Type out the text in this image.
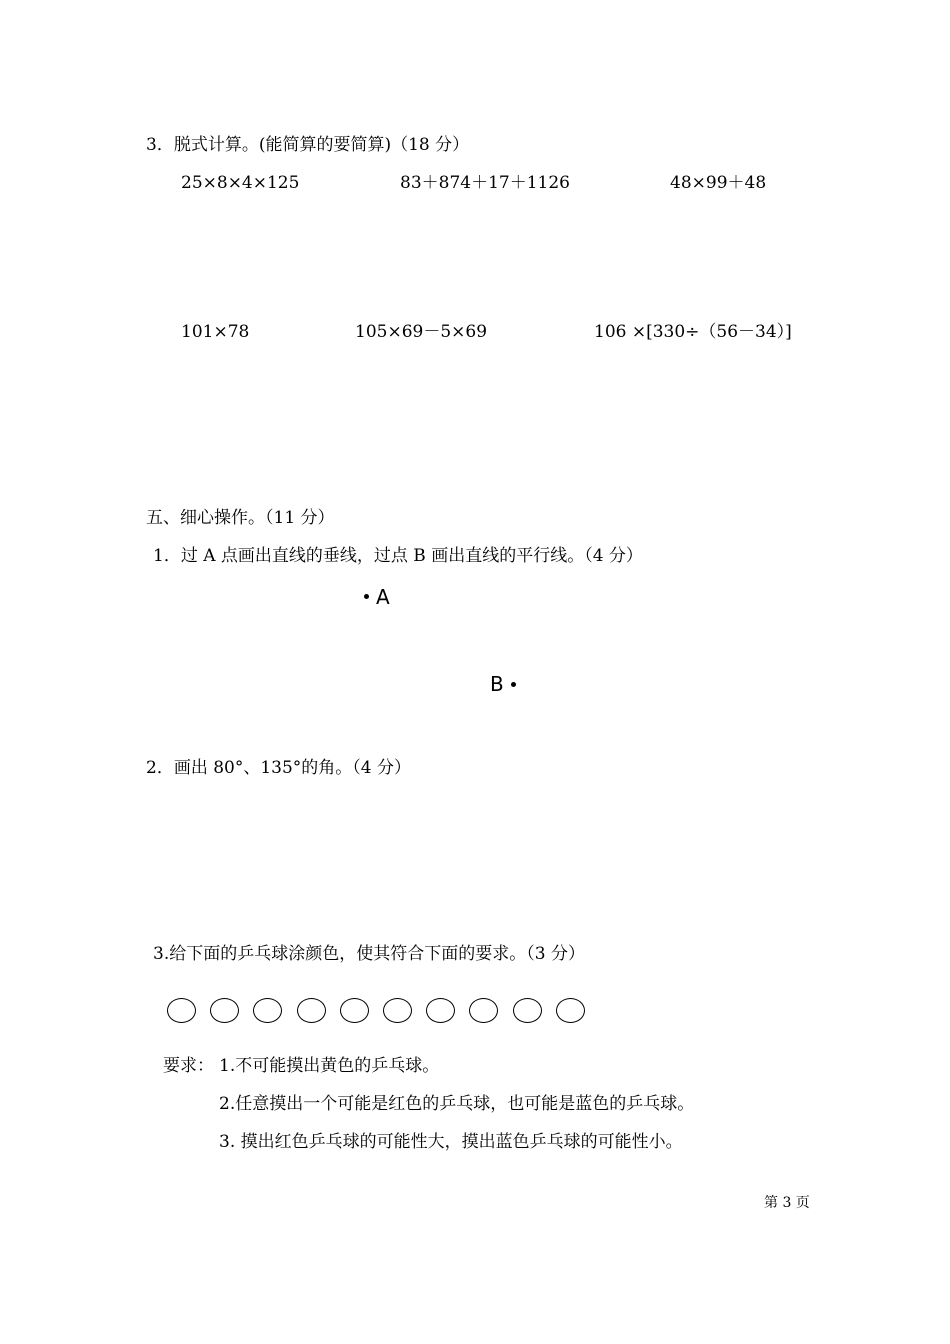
3．脱式计算。(能简算的要简算)（18 分）
25×8×4×125	83＋874＋17＋1126	48×99＋48
101×78	105×69－5×69	106 ×[330÷（56－34）]
五、细心操作。（11 分）
1．过 A 点画出直线的垂线，过点 B 画出直线的平行线。（4 分）
A
B
2．画出 80°、135°的角。（4 分）
3.给下面的乒乓球涂颜色，使其符合下面的要求。（3 分）
要求： 1.不可能摸出黄色的乒乓球。
2.任意摸出一个可能是红色的乒乓球，也可能是蓝色的乒乓球。
3. 摸出红色乒乓球的可能性大，摸出蓝色乒乓球的可能性小。
第 3 页
